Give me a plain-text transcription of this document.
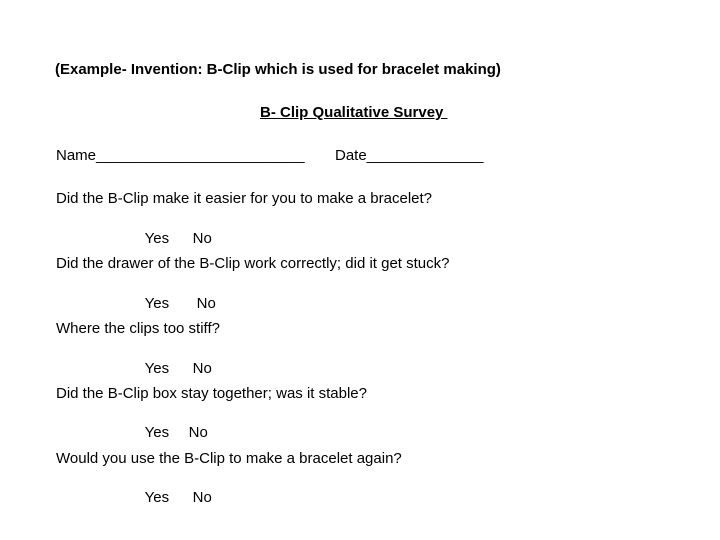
(Example- Invention: B-Clip which is used for bracelet making)
B- Clip Qualitative Survey
Name_________________________ Date______________
Did the B-Clip make it easier for you to make a bracelet?

Yes No

Did the drawer of the B-Clip work correctly; did it get stuck?

Yes No

Where the clips too stiff?

Yes No

Did the B-Clip box stay together; was it stable?

Yes No

Would you use the B-Clip to make a bracelet again?

Yes No
